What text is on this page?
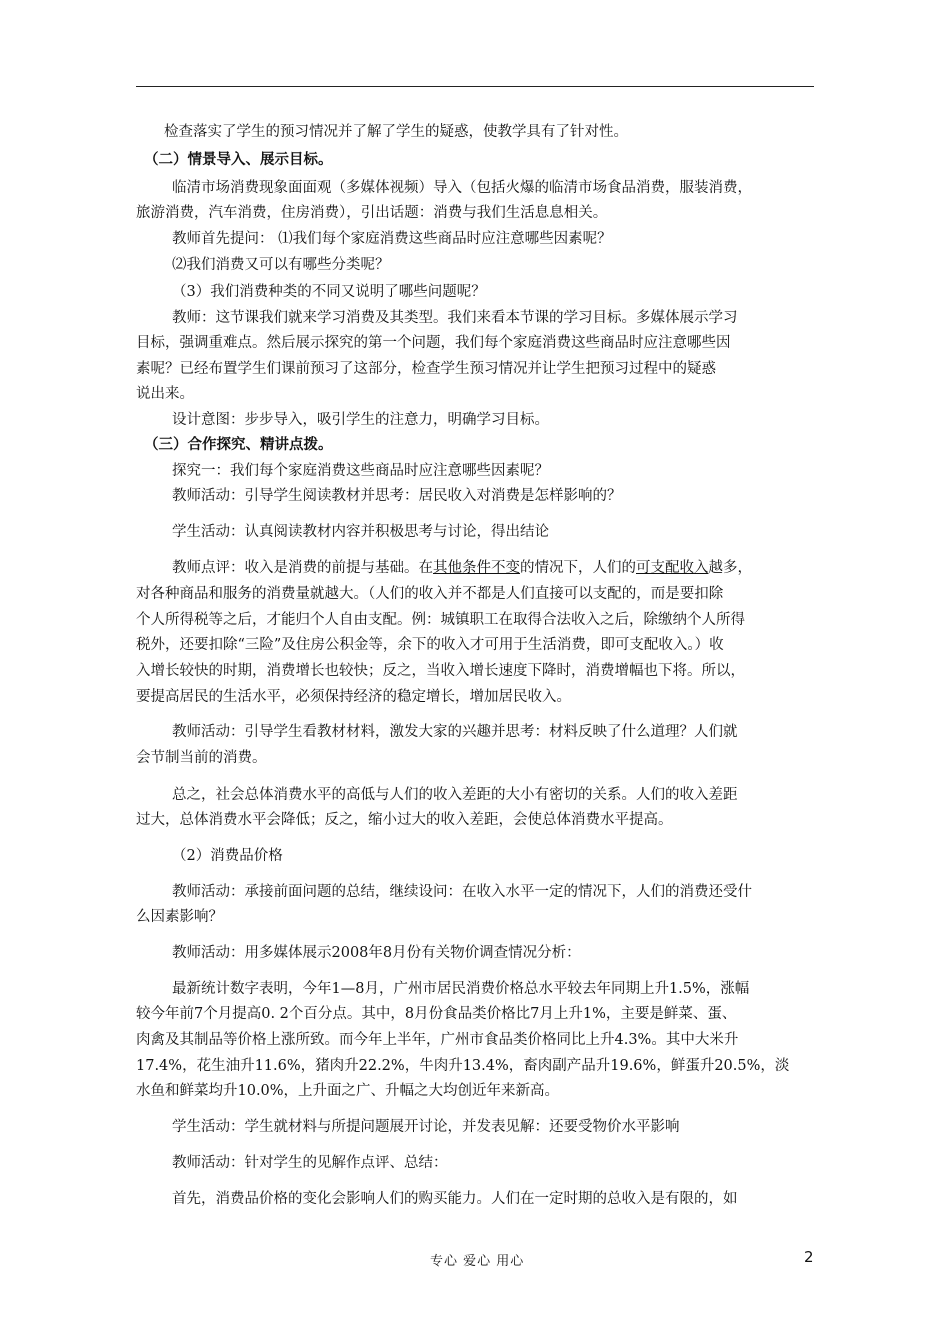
检查落实了学生的预习情况并了解了学生的疑惑，使教学具有了针对性。
（二）情景导入、展示目标。
临清市场消费现象面面观（多媒体视频）导入（包括火爆的临清市场食品消费，服装消费，
旅游消费，汽车消费，住房消费），引出话题：消费与我们生活息息相关。
教师首先提问： ⑴我们每个家庭消费这些商品时应注意哪些因素呢？
⑵我们消费又可以有哪些分类呢？
（3）我们消费种类的不同又说明了哪些问题呢？
教师：这节课我们就来学习消费及其类型。我们来看本节课的学习目标。多媒体展示学习
目标，强调重难点。然后展示探究的第一个问题，我们每个家庭消费这些商品时应注意哪些因
素呢？已经布置学生们课前预习了这部分，检查学生预习情况并让学生把预习过程中的疑惑
说出来。
设计意图：步步导入，吸引学生的注意力，明确学习目标。
（三）合作探究、精讲点拨。
探究一：我们每个家庭消费这些商品时应注意哪些因素呢？
教师活动：引导学生阅读教材并思考：居民收入对消费是怎样影响的？
学生活动：认真阅读教材内容并积极思考与讨论，得出结论
教师点评：收入是消费的前提与基础。在其他条件不变的情况下，人们的可支配收入越多，
对各种商品和服务的消费量就越大。（人们的收入并不都是人们直接可以支配的，而是要扣除
个人所得税等之后，才能归个人自由支配。例：城镇职工在取得合法收入之后，除缴纳个人所得
税外，还要扣除“三险”及住房公积金等，余下的收入才可用于生活消费，即可支配收入。）收
入增长较快的时期，消费增长也较快；反之，当收入增长速度下降时，消费增幅也下将。所以，
要提高居民的生活水平，必须保持经济的稳定增长，增加居民收入。
教师活动：引导学生看教材材料，激发大家的兴趣并思考：材料反映了什么道理？人们就
会节制当前的消费。
总之，社会总体消费水平的高低与人们的收入差距的大小有密切的关系。人们的收入差距
过大，总体消费水平会降低；反之，缩小过大的收入差距，会使总体消费水平提高。
（2）消费品价格
教师活动：承接前面问题的总结，继续设问：在收入水平一定的情况下，人们的消费还受什
么因素影响？
教师活动：用多媒体展示2008年8月份有关物价调查情况分析：
最新统计数字表明，今年1—8月，广州市居民消费价格总水平较去年同期上升1.5%，涨幅
较今年前7个月提高0. 2个百分点。其中，8月份食品类价格比7月上升1%，主要是鲜菜、蛋、
肉禽及其制品等价格上涨所致。而今年上半年，广州市食品类价格同比上升4.3%。其中大米升
17.4%，花生油升11.6%，猪肉升22.2%，牛肉升13.4%，畜肉副产品升19.6%，鲜蛋升20.5%，淡
水鱼和鲜菜均升10.0%，上升面之广、升幅之大均创近年来新高。
学生活动：学生就材料与所提问题展开讨论，并发表见解：还要受物价水平影响
教师活动：针对学生的见解作点评、总结：
首先，消费品价格的变化会影响人们的购买能力。人们在一定时期的总收入是有限的，如
专心 爱心 用心	2
